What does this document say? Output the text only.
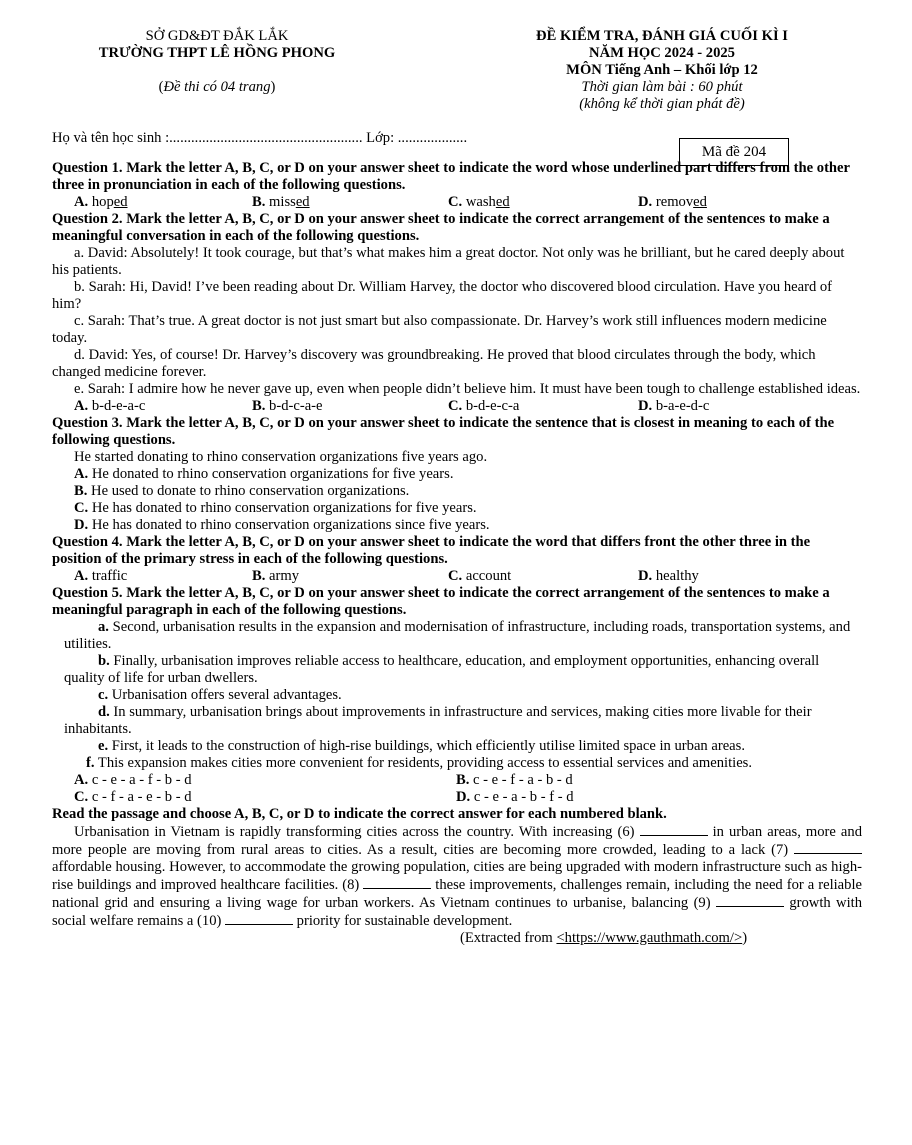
SỞ GD&ĐT ĐẮK LẮK
TRƯỜNG THPT LÊ HỒNG PHONG
(Đề thi có 04 trang)
ĐỀ KIỂM TRA, ĐÁNH GIÁ CUỐI KÌ I
NĂM HỌC 2024 - 2025
MÔN Tiếng Anh – Khối lớp 12
Thời gian làm bài : 60 phút
(không kể thời gian phát đề)
Họ và tên học sinh :..................................................... Lớp: ...................
Mã đề 204
Question 1. Mark the letter A, B, C, or D on your answer sheet to indicate the word whose underlined part differs from the other three in pronunciation in each of the following questions.
A. hoped	B. missed	C. washed	D. removed
Question 2. Mark the letter A, B, C, or D on your answer sheet to indicate the correct arrangement of the sentences to make a meaningful conversation in each of the following questions.
a. David: Absolutely! It took courage, but that’s what makes him a great doctor. Not only was he brilliant, but he cared deeply about his patients.
b. Sarah: Hi, David! I’ve been reading about Dr. William Harvey, the doctor who discovered blood circulation. Have you heard of him?
c. Sarah: That’s true. A great doctor is not just smart but also compassionate. Dr. Harvey’s work still influences modern medicine today.
d. David: Yes, of course! Dr. Harvey’s discovery was groundbreaking. He proved that blood circulates through the body, which changed medicine forever.
e. Sarah: I admire how he never gave up, even when people didn’t believe him. It must have been tough to challenge established ideas.
A. b-d-e-a-c	B. b-d-c-a-e	C. b-d-e-c-a	D. b-a-e-d-c
Question 3. Mark the letter A, B, C, or D on your answer sheet to indicate the sentence that is closest in meaning to each of the following questions.
He started donating to rhino conservation organizations five years ago.
A. He donated to rhino conservation organizations for five years.
B. He used to donate to rhino conservation organizations.
C. He has donated to rhino conservation organizations for five years.
D. He has donated to rhino conservation organizations since five years.
Question 4. Mark the letter A, B, C, or D on your answer sheet to indicate the word that differs front the other three in the position of the primary stress in each of the following questions.
A. traffic	B. army	C. account	D. healthy
Question 5. Mark the letter A, B, C, or D on your answer sheet to indicate the correct arrangement of the sentences to make a meaningful paragraph in each of the following questions.
a. Second, urbanisation results in the expansion and modernisation of infrastructure, including roads, transportation systems, and utilities.
b. Finally, urbanisation improves reliable access to healthcare, education, and employment opportunities, enhancing overall quality of life for urban dwellers.
c. Urbanisation offers several advantages.
d. In summary, urbanisation brings about improvements in infrastructure and services, making cities more livable for their inhabitants.
e. First, it leads to the construction of high-rise buildings, which efficiently utilise limited space in urban areas.
f. This expansion makes cities more convenient for residents, providing access to essential services and amenities.
A. c - e - a - f - b - d	B. c - e - f - a - b - d
C. c - f - a - e - b - d	D. c - e - a - b - f - d
Read the passage and choose A, B, C, or D to indicate the correct answer for each numbered blank.
Urbanisation in Vietnam is rapidly transforming cities across the country. With increasing (6)	in urban areas, more and more people are moving from rural areas to cities. As a result, cities are becoming more crowded, leading to a lack (7)  affordable housing. However, to accommodate the growing population, cities are being upgraded with modern infrastructure such as high-rise buildings and improved healthcare facilities. (8)	these improvements, challenges remain, including the need for a reliable national grid and ensuring a living wage for urban workers. As Vietnam continues to urbanise, balancing (9)	growth with social welfare remains a (10)	priority for sustainable development.
(Extracted from <https://www.gauthmath.com/>)
